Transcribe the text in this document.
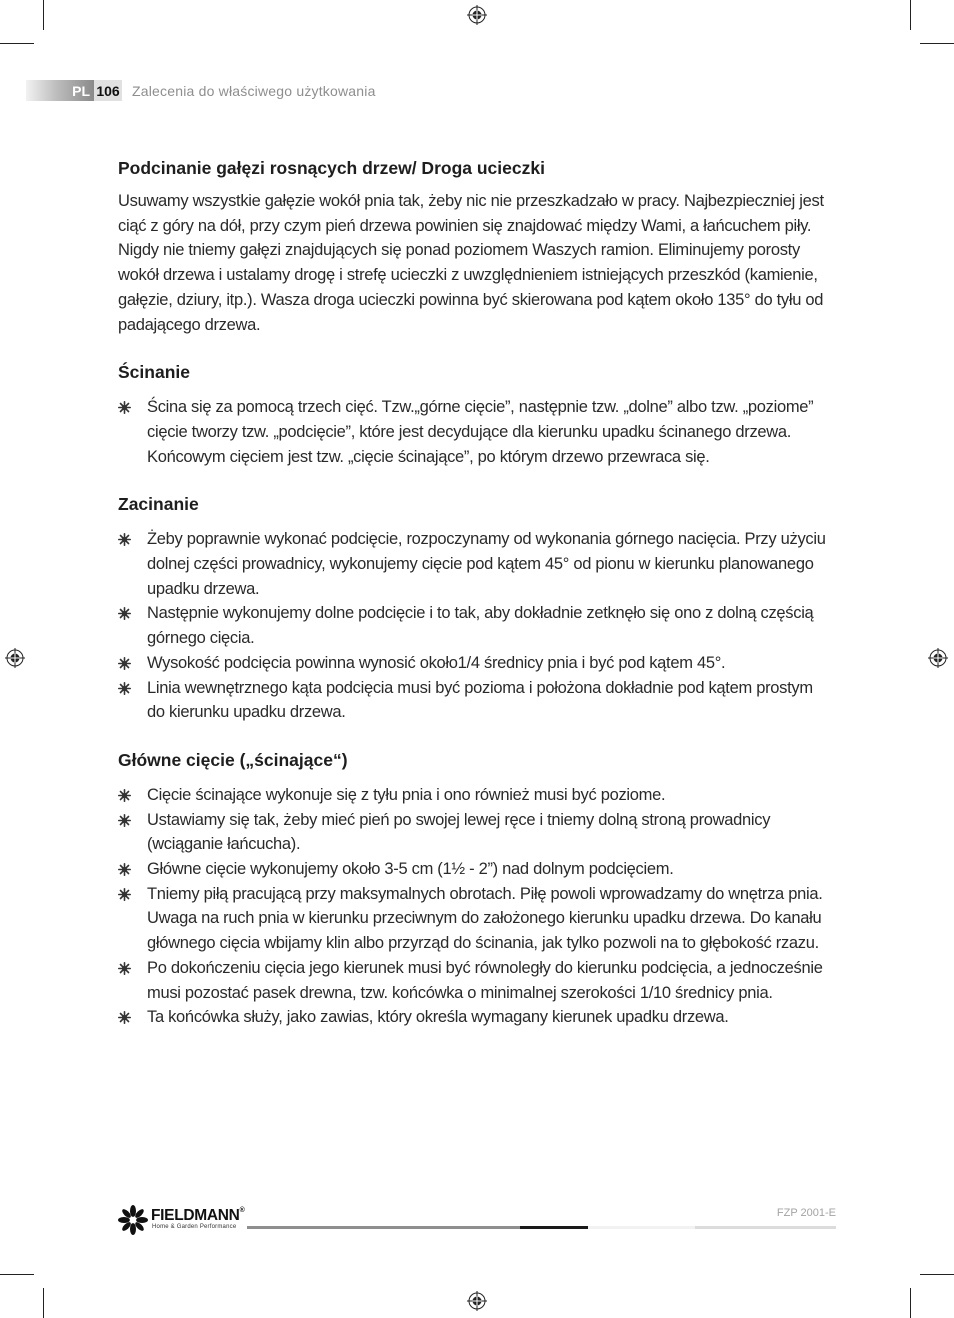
PL 106 Zalecenia do właściwego użytkowania
Podcinanie gałęzi rosnących drzew/ Droga ucieczki

Usuwamy wszystkie gałęzie wokół pnia tak, żeby nic nie przeszkadzało w pracy. Najbezpieczniej jest ciąć z góry na dół, przy czym pień drzewa powinien się znajdować między Wami, a łańcuchem piły. Nigdy nie tniemy gałęzi znajdujących się ponad poziomem Waszych ramion. Eliminujemy porosty wokół drzewa i ustalamy drogę i strefę ucieczki z uwzględnieniem istniejących przeszkód (kamienie, gałęzie, dziury, itp.). Wasza droga ucieczki powinna być skierowana pod kątem około 135° do tyłu od padającego drzewa.

Ścinanie
Ścina się za pomocą trzech cięć. Tzw.„górne cięcie”, następnie tzw. „dolne” albo tzw. „poziome” cięcie tworzy tzw. „podcięcie”, które jest decydujące dla kierunku upadku ścinanego drzewa. Końcowym cięciem jest tzw. „cięcie ścinające”, po którym drzewo przewraca się.
Zacinanie
Żeby poprawnie wykonać podcięcie, rozpoczynamy od wykonania górnego nacięcia. Przy użyciu dolnej części prowadnicy, wykonujemy cięcie pod kątem 45° od pionu w kierunku planowanego upadku drzewa.
Następnie wykonujemy dolne podcięcie i to tak, aby dokładnie zetknęło się ono z dolną częścią górnego cięcia.
Wysokość podcięcia powinna wynosić około1/4 średnicy pnia i być pod kątem 45°.
Linia wewnętrznego kąta podcięcia musi być pozioma i położona dokładnie pod kątem prostym do kierunku upadku drzewa.
Główne cięcie („ścinające“)
Cięcie ścinające wykonuje się z tyłu pnia i ono również musi być poziome.
Ustawiamy się tak, żeby mieć pień po swojej lewej ręce i tniemy dolną stroną prowadnicy (wciąganie łańcucha).
Główne cięcie wykonujemy około 3-5 cm (1½ - 2”) nad dolnym podcięciem.
Tniemy piłą pracującą przy maksymalnych obrotach. Piłę powoli wprowadzamy do wnętrza pnia. Uwaga na ruch pnia w kierunku przeciwnym do założonego kierunku upadku drzewa. Do kanału głównego cięcia wbijamy klin albo przyrząd do ścinania, jak tylko pozwoli na to głębokość rzazu.
Po dokończeniu cięcia jego kierunek musi być równoległy do kierunku podcięcia, a jednocześnie musi pozostać pasek drewna, tzw. końcówka o minimalnej szerokości 1/10 średnicy pnia.
Ta końcówka służy, jako zawias, który określa wymagany kierunek upadku drzewa.
FIELDMANN®
Home & Garden Performance
FZP 2001-E
